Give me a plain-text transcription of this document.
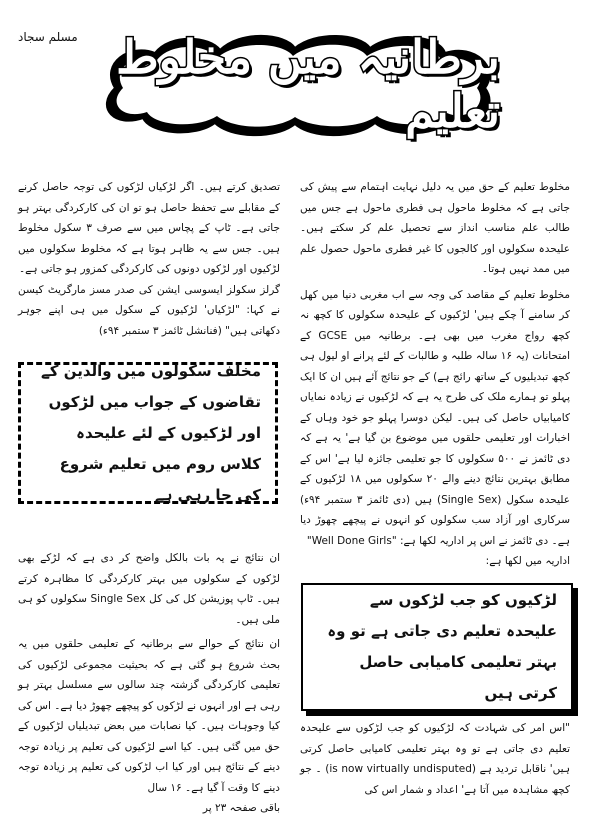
مسلم سجاد برطانیہ میں مخلوط تعلیم

مخلوط تعلیم کے حق میں یہ دلیل نہایت اہتمام سے پیش کی جاتی ہے کہ مخلوط ماحول ہی فطری ماحول ہے جس میں طالب علم مناسب انداز سے تحصیل علم کر سکتے ہیں۔ علیحدہ سکولوں اور کالجوں کا غیر فطری ماحول حصول علم میں ممد نہیں ہوتا۔

مخلوط تعلیم کے مقاصد کی وجہ سے اب مغربی دنیا میں کھل کر سامنے آ چکے ہیں' لڑکیوں کے علیحدہ سکولوں کا کچھ نہ کچھ رواج مغرب میں بھی ہے۔ برطانیہ میں GCSE کے امتحانات (یہ ۱۶ سالہ طلبہ و طالبات کے لئے پرانے او لیول ہی کچھ تبدیلیوں کے ساتھ رائج ہے) کے جو نتائج آئے ہیں ان کا ایک پہلو تو ہمارے ملک کی طرح یہ ہے کہ لڑکیوں نے زیادہ نمایاں کامیابیاں حاصل کی ہیں۔ لیکن دوسرا پہلو جو خود وہاں کے اخبارات اور تعلیمی حلقوں میں موضوع بن گیا ہے' یہ ہے کہ دی ٹائمز نے ۵۰۰ سکولوں کا جو تعلیمی جائزہ لیا ہے' اس کے مطابق بہترین نتائج دینے والے ۲۰ سکولوں میں ۱۸ لڑکیوں کے علیحدہ سکول (Single Sex) ہیں (دی ٹائمز ۳ ستمبر ۹۴ء) سرکاری اور آزاد سب سکولوں کو انہوں نے پیچھے چھوڑ دیا ہے۔ دی ٹائمز نے اس پر اداریہ لکھا ہے: "Well Done Girls"

اداریہ میں لکھا ہے:

لڑکیوں کو جب لڑکوں سے علیحدہ تعلیم دی جاتی ہے تو وہ بہتر تعلیمی کامیابی حاصل کرتی ہیں

"اس امر کی شہادت کہ لڑکیوں کو جب لڑکوں سے علیحدہ تعلیم دی جاتی ہے تو وہ بہتر تعلیمی کامیابی حاصل کرتی ہیں' ناقابل تردید ہے (is now virtually undisputed) ۔ جو کچھ مشاہدہ میں آتا ہے' اعداد و شمار اس کی

تصدیق کرتے ہیں۔ اگر لڑکیاں لڑکوں کی توجہ حاصل کرنے کے مقابلے سے تحفظ حاصل ہو تو ان کی کارکردگی بہتر ہو جاتی ہے۔ ٹاپ کے پچاس میں سے صرف ۳ سکول مخلوط ہیں۔ جس سے یہ ظاہر ہوتا ہے کہ مخلوط سکولوں میں لڑکیوں اور لڑکوں دونوں کی کارکردگی کمزور ہو جاتی ہے۔

گرلز سکولز ایسوسی ایشن کی صدر مسز مارگریٹ کیسن نے کہا: "لڑکیاں' لڑکیوں کے سکول میں ہی اپنے جوہر دکھاتی ہیں" (فنانشل ٹائمز ۳ ستمبر ۹۴ء)

مخلف سکولوں میں والدین کے تقاضوں کے جواب میں لڑکوں اور لڑکیوں کے لئے علیحدہ کلاس روم میں تعلیم شروع کی جا رہی ہے

ان نتائج نے یہ بات بالکل واضح کر دی ہے کہ لڑکے بھی لڑکوں کے سکولوں میں بہتر کارکردگی کا مظاہرہ کرتے ہیں۔ ٹاپ پوزیشن کل کی کل Single Sex سکولوں کو ہی ملی ہیں۔

ان نتائج کے حوالے سے برطانیہ کے تعلیمی حلقوں میں یہ بحث شروع ہو گئی ہے کہ بحیثیت مجموعی لڑکیوں کی تعلیمی کارکردگی گزشتہ چند سالوں سے مسلسل بہتر ہو رہی ہے اور انہوں نے لڑکوں کو پیچھے چھوڑ دیا ہے۔ اس کی کیا وجوہات ہیں۔ کیا نصابات میں بعض تبدیلیاں لڑکیوں کے حق میں گئی ہیں۔ کیا اسے لڑکیوں کی تعلیم پر زیادہ توجہ دینے کے نتائج ہیں اور کیا اب لڑکوں کی تعلیم پر زیادہ توجہ دینے کا وقت آ گیا ہے۔ ۱۶ سال

باقی صفحہ ۲۳ پر
